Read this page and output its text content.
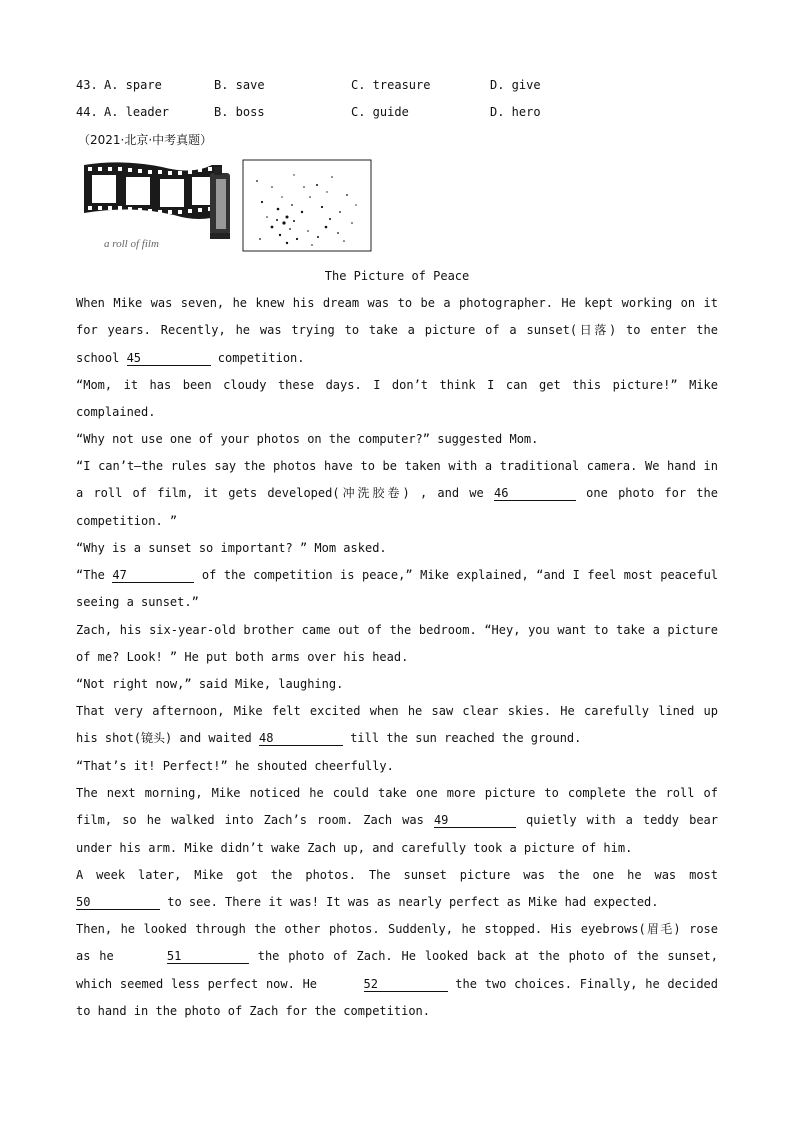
43. A. spare	B. save	C. treasure	D. give
44. A. leader	B. boss	C. guide	D. hero
（2021·北京·中考真题）
a roll of film
The Picture of Peace
When Mike was seven, he knew his dream was to be a photographer. He kept working on it for years. Recently, he was trying to take a picture of a sunset(日落) to enter the school 45	competition.
“Mom, it has been cloudy these days. I don’t think I can get this picture!” Mike complained.
“Why not use one of your photos on the computer?” suggested Mom.
“I can’t—the rules say the photos have to be taken with a traditional camera. We hand in a roll of film, it gets developed(冲洗胶卷) , and we 46	one photo for the competition. ”
“Why is a sunset so important? ” Mom asked.
“The 47	of the competition is peace,” Mike explained, “and I feel most peaceful seeing a sunset.”
Zach, his six-year-old brother came out of the bedroom. “Hey, you want to take a picture of me? Look! ” He put both arms over his head.
“Not right now,” said Mike, laughing.
That very afternoon, Mike felt excited when he saw clear skies. He carefully lined up his shot(镜头) and waited 48	till the sun reached the ground.
“That’s it! Perfect!” he shouted cheerfully.
The next morning, Mike noticed he could take one more picture to complete the roll of film, so he walked into Zach’s room. Zach was 49	quietly with a teddy bear under his arm. Mike didn’t wake Zach up, and carefully took a picture of him.
A week later, Mike got the photos. The sunset picture was the one he was most 50	to see. There it was! It was as nearly perfect as Mike had expected.
Then, he looked through the other photos. Suddenly, he stopped. His eyebrows(眉毛) rose as he      51	the photo of Zach. He looked back at the photo of the sunset, which seemed less perfect now. He      52	the two choices. Finally, he decided to hand in the photo of Zach for the competition.
